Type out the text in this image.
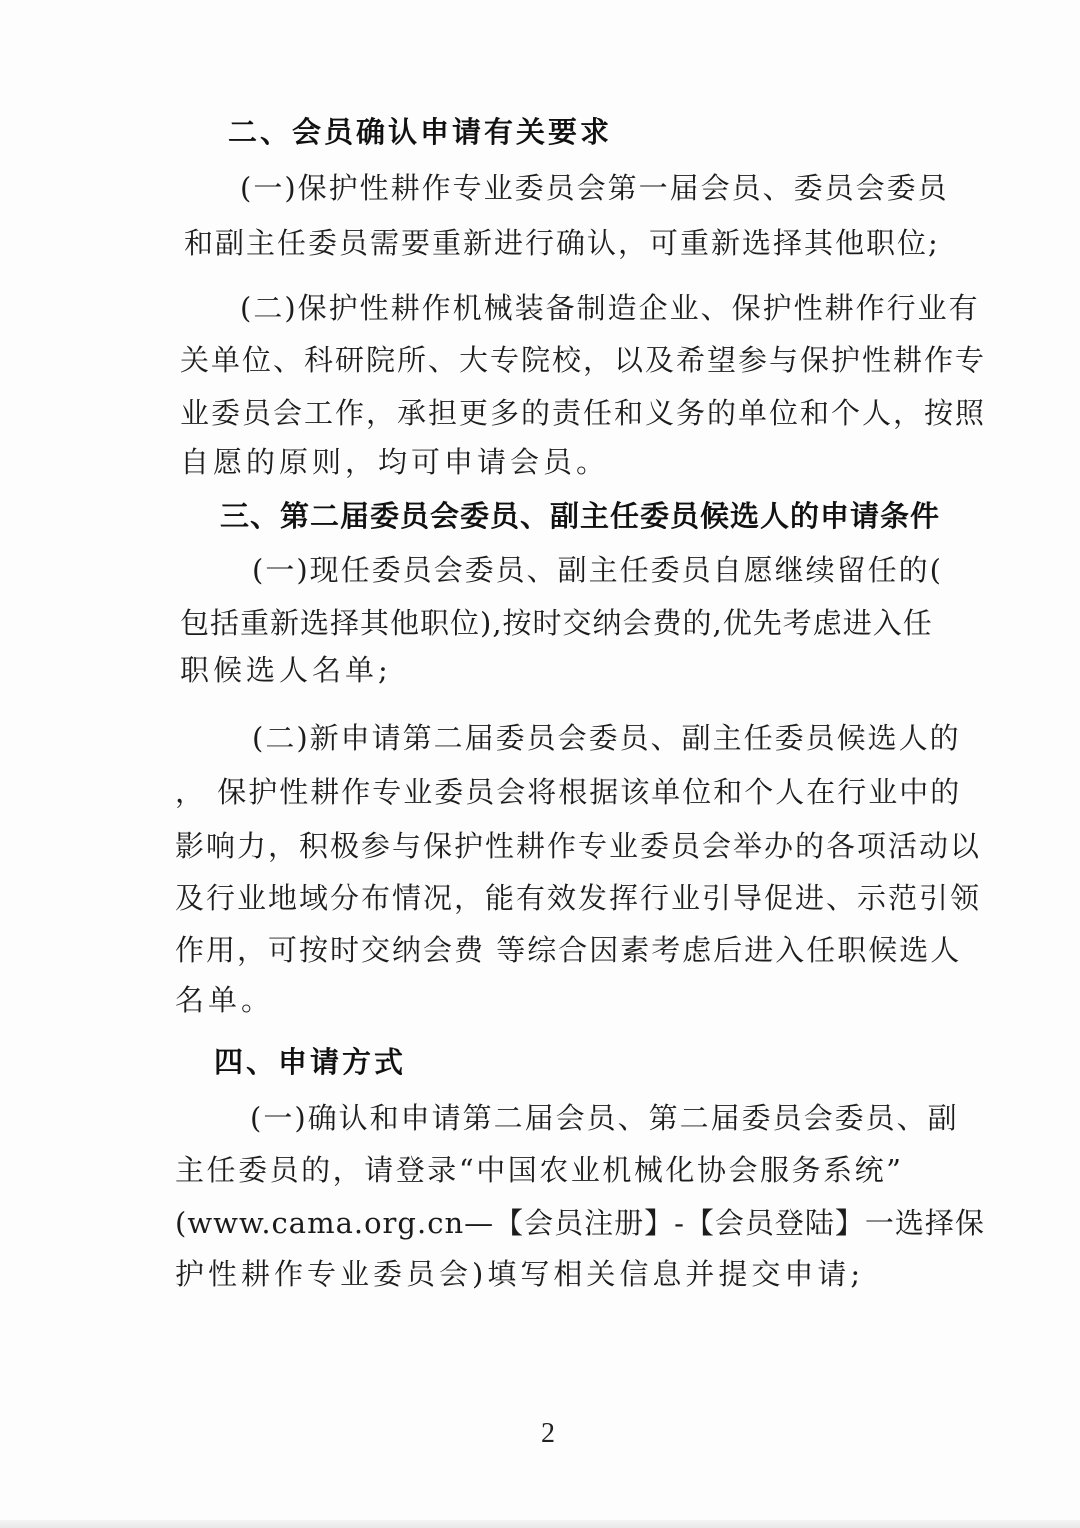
二、会员确认申请有关要求
(一)保护性耕作专业委员会第一届会员、委员会委员
和副主任委员需要重新进行确认，可重新选择其他职位;
(二)保护性耕作机械装备制造企业、保护性耕作行业有
关单位、科研院所、大专院校，以及希望参与保护性耕作专
业委员会工作，承担更多的责任和义务的单位和个人，按照
自愿的原则，均可申请会员。
三、第二届委员会委员、副主任委员候选人的申请条件
(一)现任委员会委员、副主任委员自愿继续留任的(
包括重新选择其他职位),按时交纳会费的,优先考虑进入任
职候选人名单;
(二)新申请第二届委员会委员、副主任委员候选人的
， 保护性耕作专业委员会将根据该单位和个人在行业中的
影响力，积极参与保护性耕作专业委员会举办的各项活动以
及行业地域分布情况，能有效发挥行业引导促进、示范引领
作用，可按时交纳会费 等综合因素考虑后进入任职候选人
名单。
四、申请方式
(一)确认和申请第二届会员、第二届委员会委员、副
主任委员的，请登录“中国农业机械化协会服务系统”
(www.cama.org.cn—【会员注册】-【会员登陆】一选择保
护性耕作专业委员会)填写相关信息并提交申请;
2
